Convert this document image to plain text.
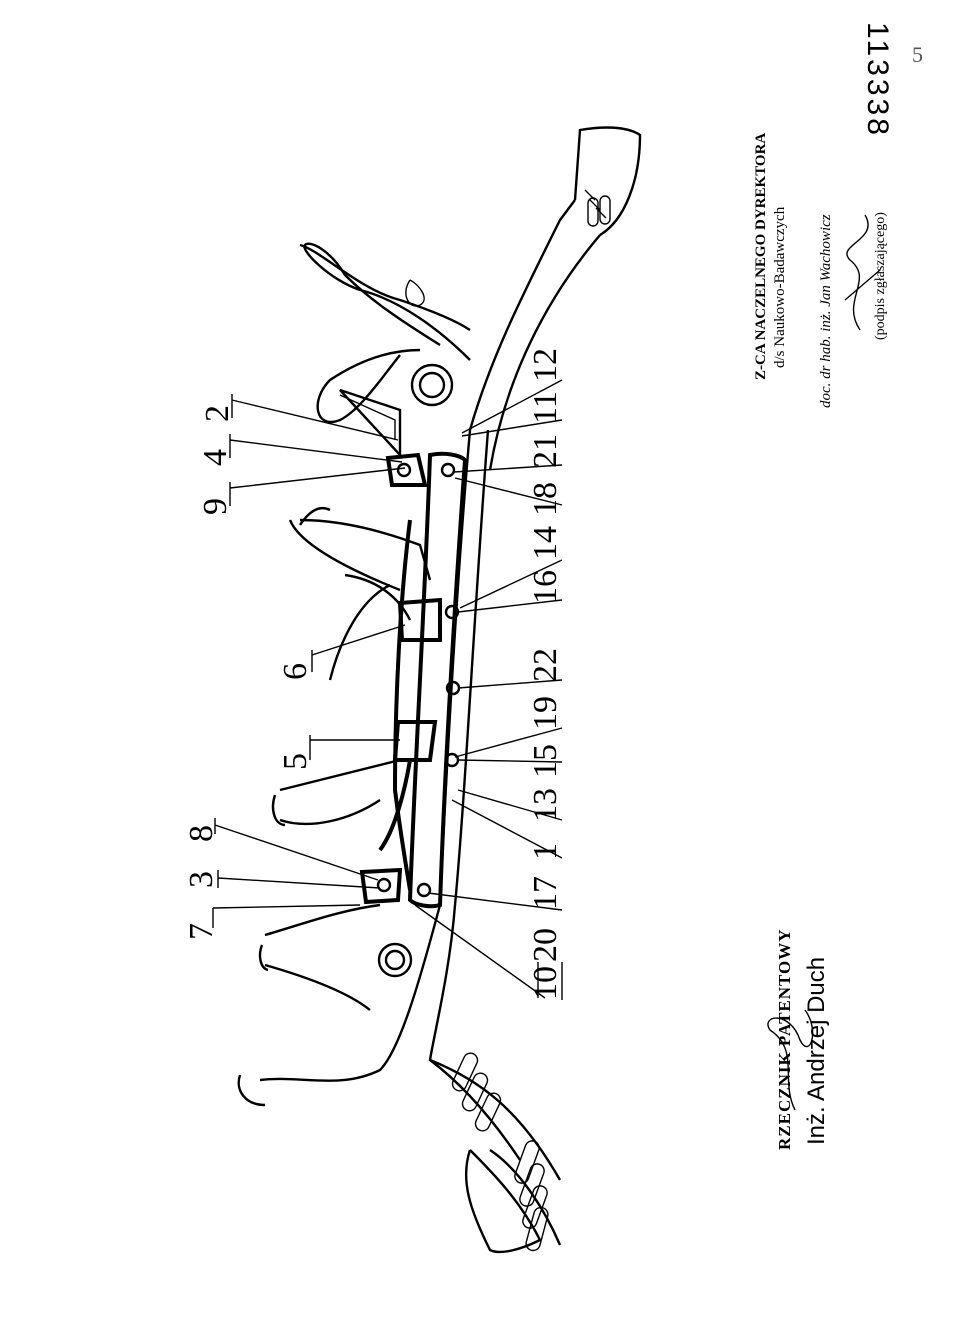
113338 5
7
3
8
5
6
9
4
2
10
20
17
1
13
15
19
22
16
14
18
21
11
12
RZECZNIK PATENTOWY Inż. Andrzej Duch
Z-CA NACZELNEGO DYREKTORA d/s Naukowo-Badawczych doc. dr hab. inż. Jan Wachowicz	(podpis zgłaszającego)
